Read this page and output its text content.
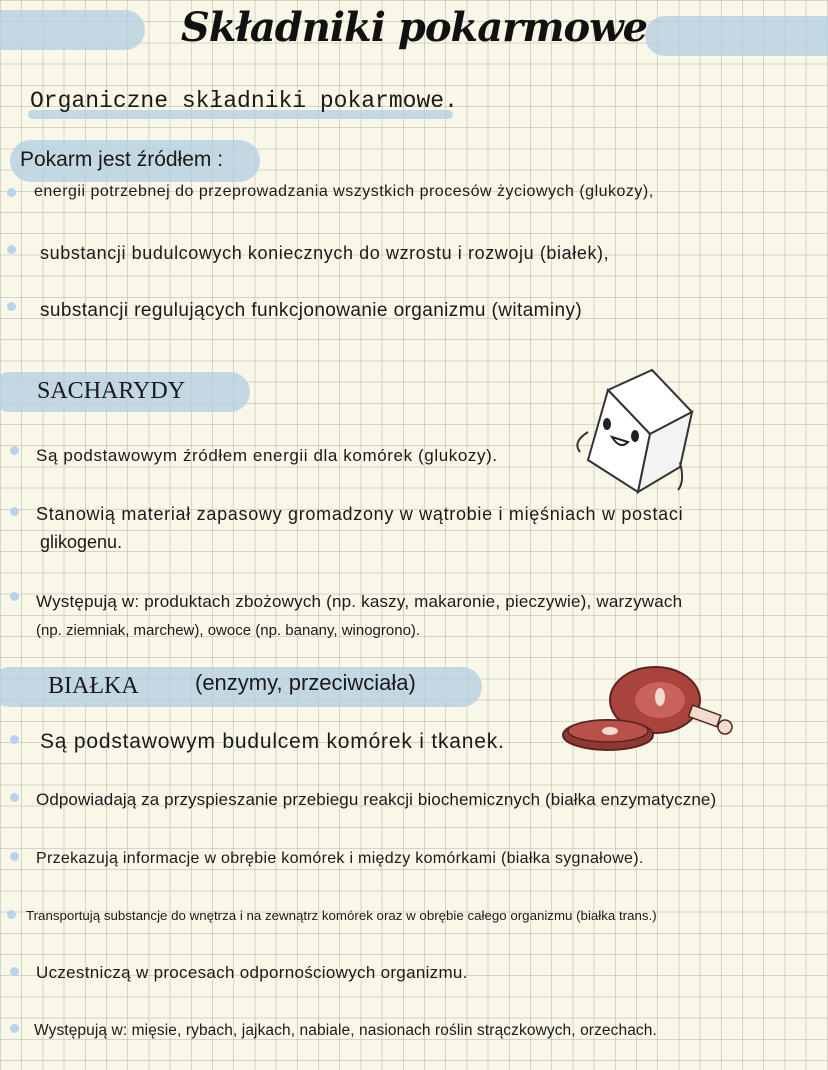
Składniki pokarmowe
Organiczne składniki pokarmowe.
Pokarm jest źródłem :
energii potrzebnej do przeprowadzania wszystkich procesów życiowych (glukozy),
substancji budulcowych koniecznych do wzrostu i rozwoju (białek),
substancji regulujących funkcjonowanie organizmu (witaminy)
SACHARYDY
Są podstawowym źródłem energii dla komórek (glukozy).
Stanowią materiał zapasowy gromadzony w wątrobie i mięśniach w postaci
glikogenu.
Występują w: produktach zbożowych (np. kaszy, makaronie, pieczywie), warzywach
(np. ziemniak, marchew), owoce (np. banany, winogrono).
BIAŁKA	(enzymy, przeciwciała)
Są podstawowym budulcem komórek i tkanek.
Odpowiadają za przyspieszanie przebiegu reakcji biochemicznych (białka enzymatyczne)
Przekazują informacje w obrębie komórek i między komórkami (białka sygnałowe).
Transportują substancje do wnętrza i na zewnątrz komórek oraz w obrębie całego organizmu (białka trans.)
Uczestniczą w procesach odpornościowych organizmu.
Występują w: mięsie, rybach, jajkach, nabiale, nasionach roślin strączkowych, orzechach.
